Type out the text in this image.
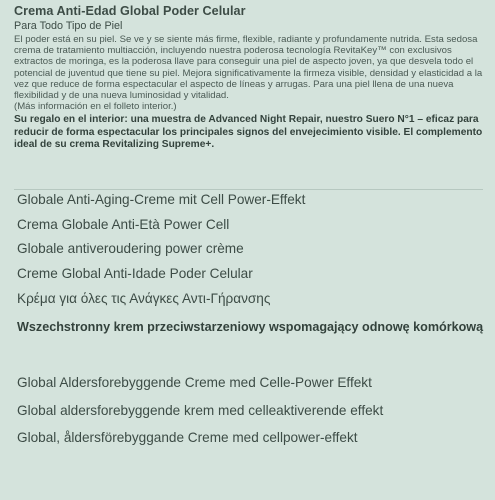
Crema Anti-Edad Global Poder Celular

Para Todo Tipo de Piel

El poder está en su piel. Se ve y se siente más firme, flexible, radiante y profundamente nutrida. Esta sedosa crema de tratamiento multiacción, incluyendo nuestra poderosa tecnología RevitaKey™ con exclusivos extractos de moringa, es la poderosa llave para conseguir una piel de aspecto joven, ya que desvela todo el potencial de juventud que tiene su piel. Mejora significativamente la firmeza visible, densidad y elasticidad a la vez que reduce de forma espectacular el aspecto de líneas y arrugas. Para una piel llena de una nueva flexibilidad y de una nueva luminosidad y vitalidad.

(Más información en el folleto interior.)

Su regalo en el interior: una muestra de Advanced Night Repair, nuestro Suero N°1 – eficaz para reducir de forma espectacular los principales signos del envejecimiento visible. El complemento ideal de su crema Revitalizing Supreme+.

Globale Anti-Aging-Creme mit Cell Power-Effekt
Crema Globale Anti-Età Power Cell
Globale antiveroudering power crème
Creme Global Anti-Idade Poder Celular
Κρέμα για όλες τις Ανάγκες Αντι-Γήρανσης
Wszechstronny krem przeciwstarzeniowy wspomagający odnowę komórkową
Global Aldersforebyggende Creme med Celle-Power Effekt
Global aldersforebyggende krem med celleaktiverende effekt
Global, åldersförebyggande Creme med cellpower-effekt
